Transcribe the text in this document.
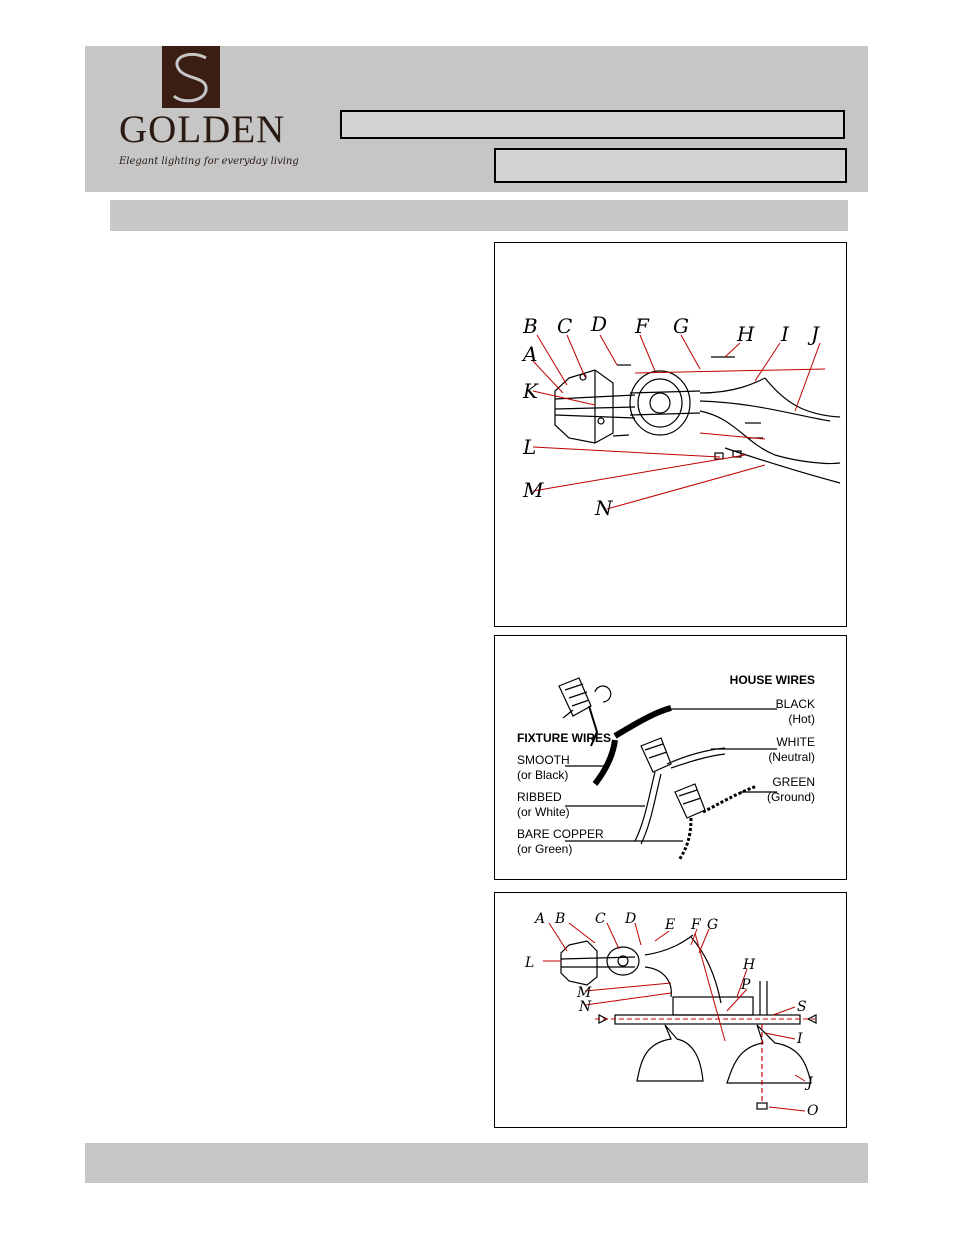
GOLDEN
Elegant lighting for everyday living
B C D F G H I J
A
K
L
M
N
HOUSE WIRES
BLACK
(Hot)
WHITE
(Neutral)
GREEN
(Ground)
FIXTURE WIRES
SMOOTH
(or Black)
RIBBED
(or White)
BARE COPPER
(or Green)
A B C D E F G
L	H
P
M
N	S
I
J
O
